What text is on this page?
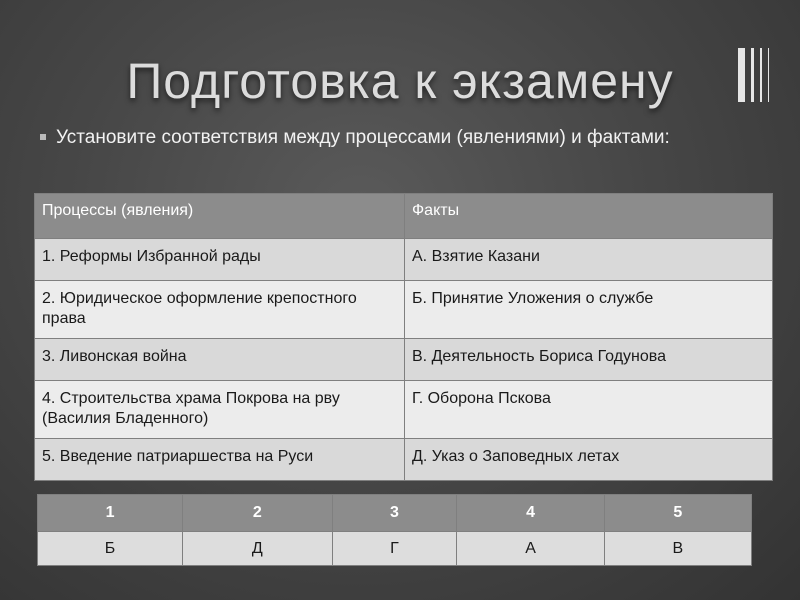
Подготовка к экзамену
Установите соответствия между процессами (явлениями) и фактами:
Процессы (явления)	Факты
1. Реформы Избранной рады	А. Взятие Казани
2. Юридическое оформление крепостного права	Б. Принятие Уложения о службе
3. Ливонская война	В. Деятельность Бориса Годунова
4. Строительства храма Покрова на рву (Василия Бладенного)	Г. Оборона Пскова
5. Введение патриаршества на Руси	Д. Указ о Заповедных летах
1	2	3	4	5
Б	Д	Г	А	В
